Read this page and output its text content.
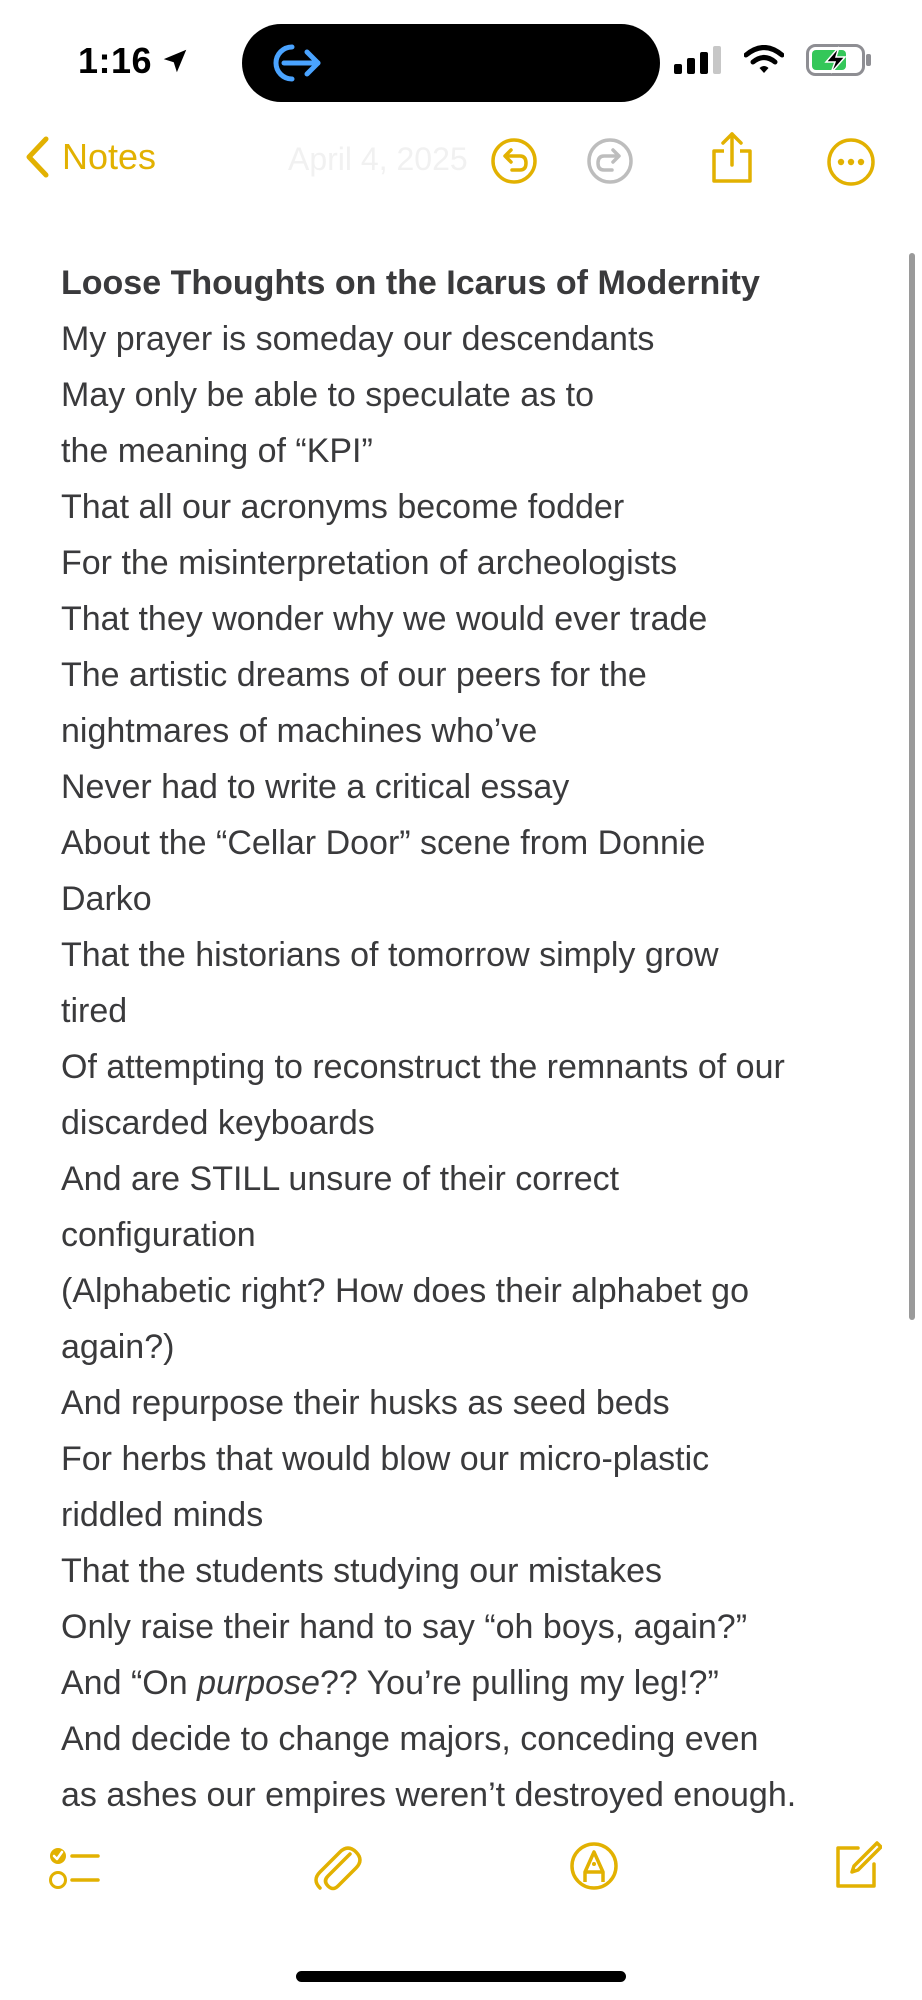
1:16
Notes	April 4, 2025

Loose Thoughts on the Icarus of Modernity

My prayer is someday our descendants

May only be able to speculate as to

the meaning of “KPI”

That all our acronyms become fodder

For the misinterpretation of archeologists

That they wonder why we would ever trade

The artistic dreams of our peers for the

nightmares of machines who’ve

Never had to write a critical essay

About the “Cellar Door” scene from Donnie

Darko

That the historians of tomorrow simply grow

tired

Of attempting to reconstruct the remnants of our

discarded keyboards

And are STILL unsure of their correct

configuration

(Alphabetic right? How does their alphabet go

again?)

And repurpose their husks as seed beds

For herbs that would blow our micro-plastic

riddled minds

That the students studying our mistakes

Only raise their hand to say “oh boys, again?”

And “On purpose?? You’re pulling my leg!?”

And decide to change majors, conceding even

as ashes our empires weren’t destroyed enough.
